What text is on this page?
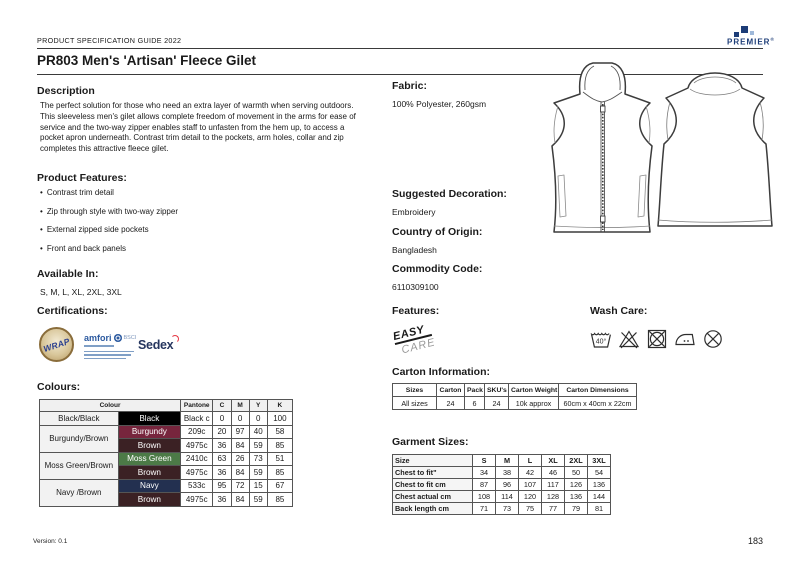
PRODUCT SPECIFICATION GUIDE 2022
PR803 Men's 'Artisan' Fleece Gilet
PREMIER®
Description
The perfect solution for those who need an extra layer of warmth when serving outdoors. This sleeveless men's gilet allows complete freedom of movement in the arms for ease of service and the two-way zipper enables staff to unfasten from the hem up, to access a pocket apron underneath. Contrast trim detail to the pockets, arm holes, collar and zip completes this attractive fleece gilet.
Product Features:
• Contrast trim detail
• Zip through style with two-way zipper
• External zipped side pockets
• Front and back panels
Available In:
S, M, L, XL, 2XL, 3XL
Certifications:
WRAP amfori BSCI Sedex
Colours:
Colour		Pantone	C	M	Y	K
Black/Black	Black	Black c	0	0	0	100
Burgundy/Brown	Burgundy	209c	20	97	40	58
	Brown	4975c	36	84	59	85
Moss Green/Brown	Moss Green	2410c	63	26	73	51
	Brown	4975c	36	84	59	85
Navy /Brown	Navy	533c	95	72	15	67
	Brown	4975c	36	84	59	85
Fabric:
100% Polyester, 260gsm
Suggested Decoration:
Embroidery
Country of Origin:
Bangladesh
Commodity Code:
6110309100
Features:
EASY
CARE
Wash Care:
40°
Carton Information:
Sizes	Carton	Pack	SKU's	Carton Weight	Carton Dimensions
All sizes	24	6	24	10k approx	60cm x 40cm x 22cm
Garment Sizes:
Size	S	M	L	XL	2XL	3XL
Chest to fit"	34	38	42	46	50	54
Chest to fit cm	87	96	107	117	126	136
Chest actual cm	108	114	120	128	136	144
Back length cm	71	73	75	77	79	81
Version: 0.1	183
